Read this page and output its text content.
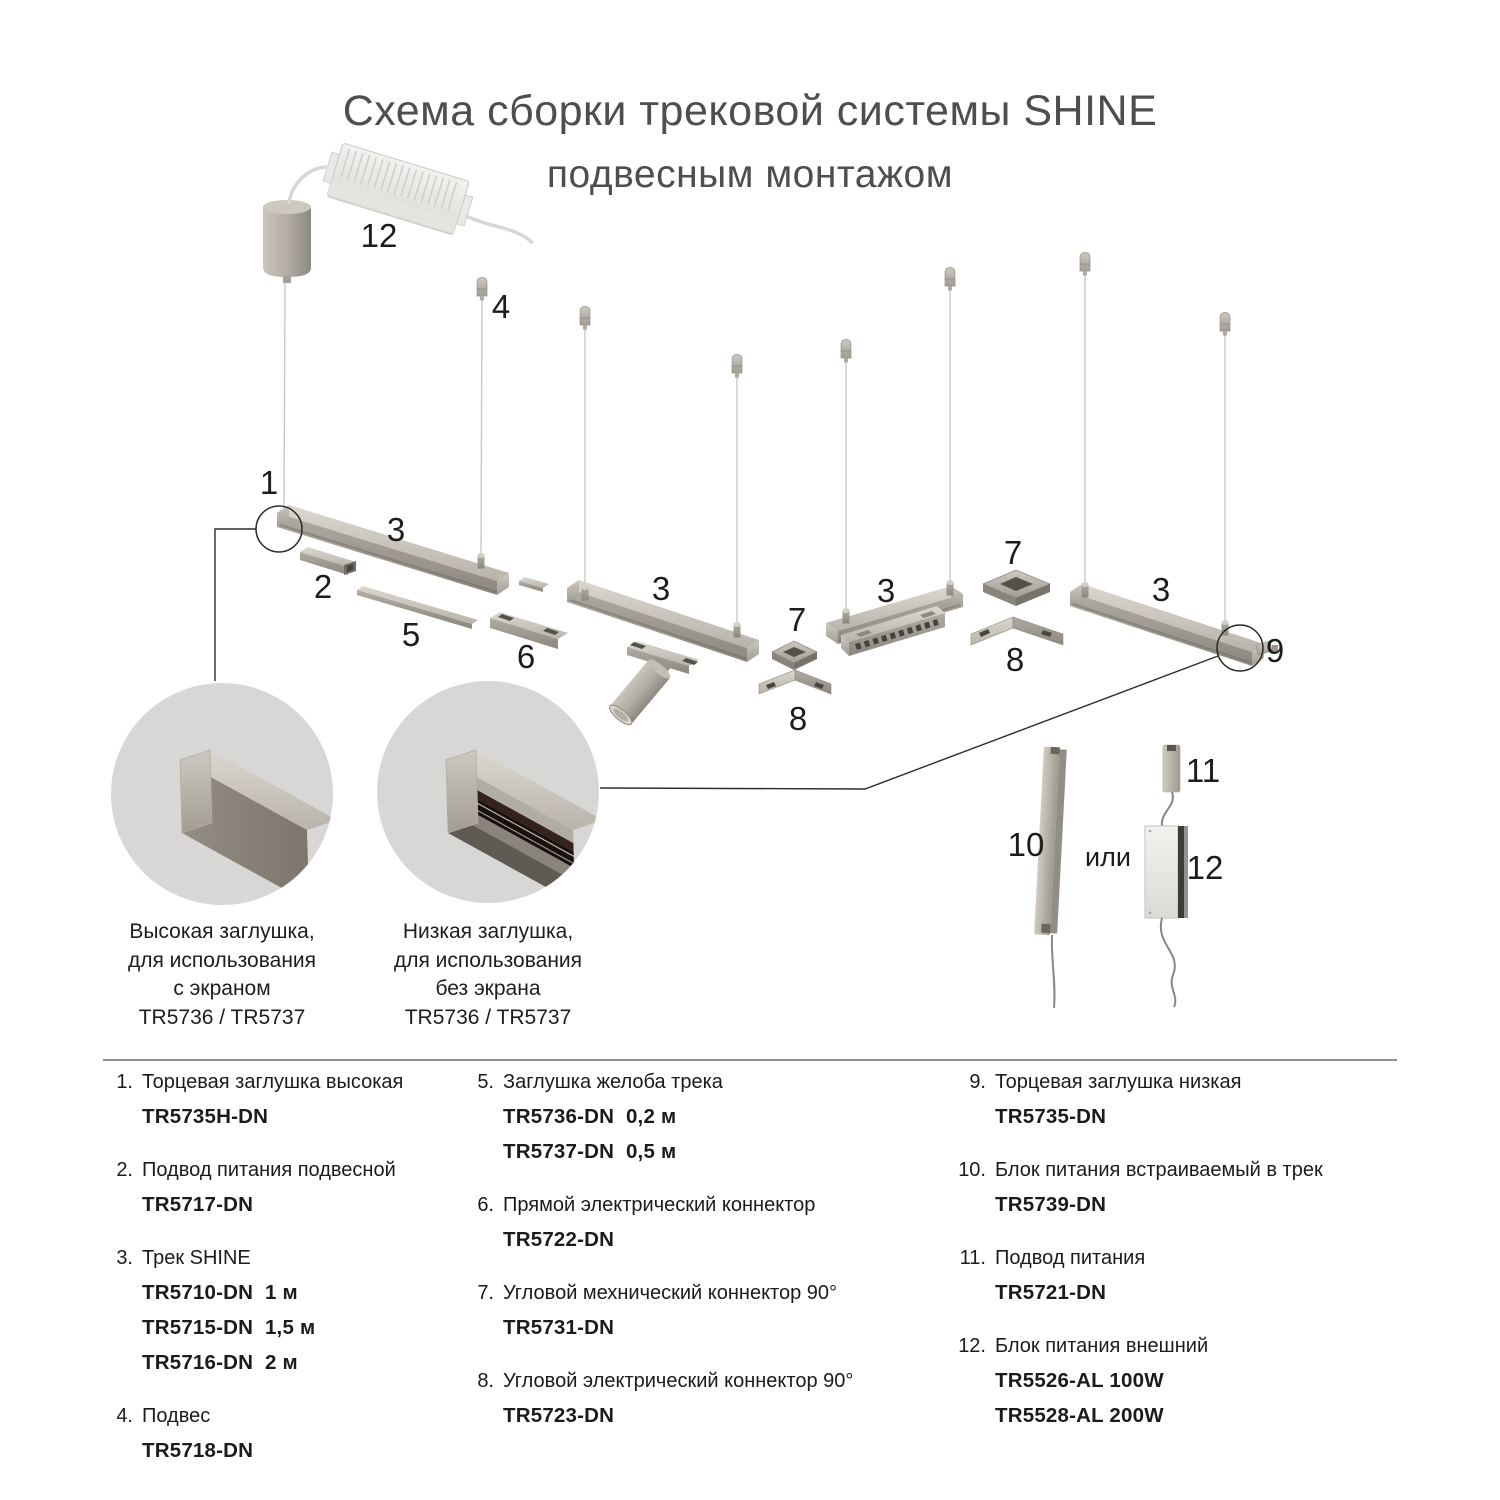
Схема сборки трековой системы SHINE
подвесным монтажом
1
2
3
3	3	3
4
5
6
7
8
7
8	9
10
11
12
12
или
Высокая заглушка,
для использования
с экраном
TR5736 / TR5737
Низкая заглушка,
для использования
без экрана
TR5736 / TR5737
1. Торцевая заглушка высокая
TR5735H-DN
2. Подвод питания подвесной
TR5717-DN
3. Трек SHINE
TR5710-DN  1 м
TR5715-DN  1,5 м
TR5716-DN  2 м
4. Подвес
TR5718-DN
5. Заглушка желоба трека
TR5736-DN  0,2 м
TR5737-DN  0,5 м
6. Прямой электрический коннектор
TR5722-DN
7. Угловой мехнический коннектор 90°
TR5731-DN
8. Угловой электрический коннектор 90°
TR5723-DN
9. Торцевая заглушка низкая
TR5735-DN
10. Блок питания встраиваемый в трек
TR5739-DN
11. Подвод питания
TR5721-DN
12. Блок питания внешний
TR5526-AL 100W
TR5528-AL 200W
